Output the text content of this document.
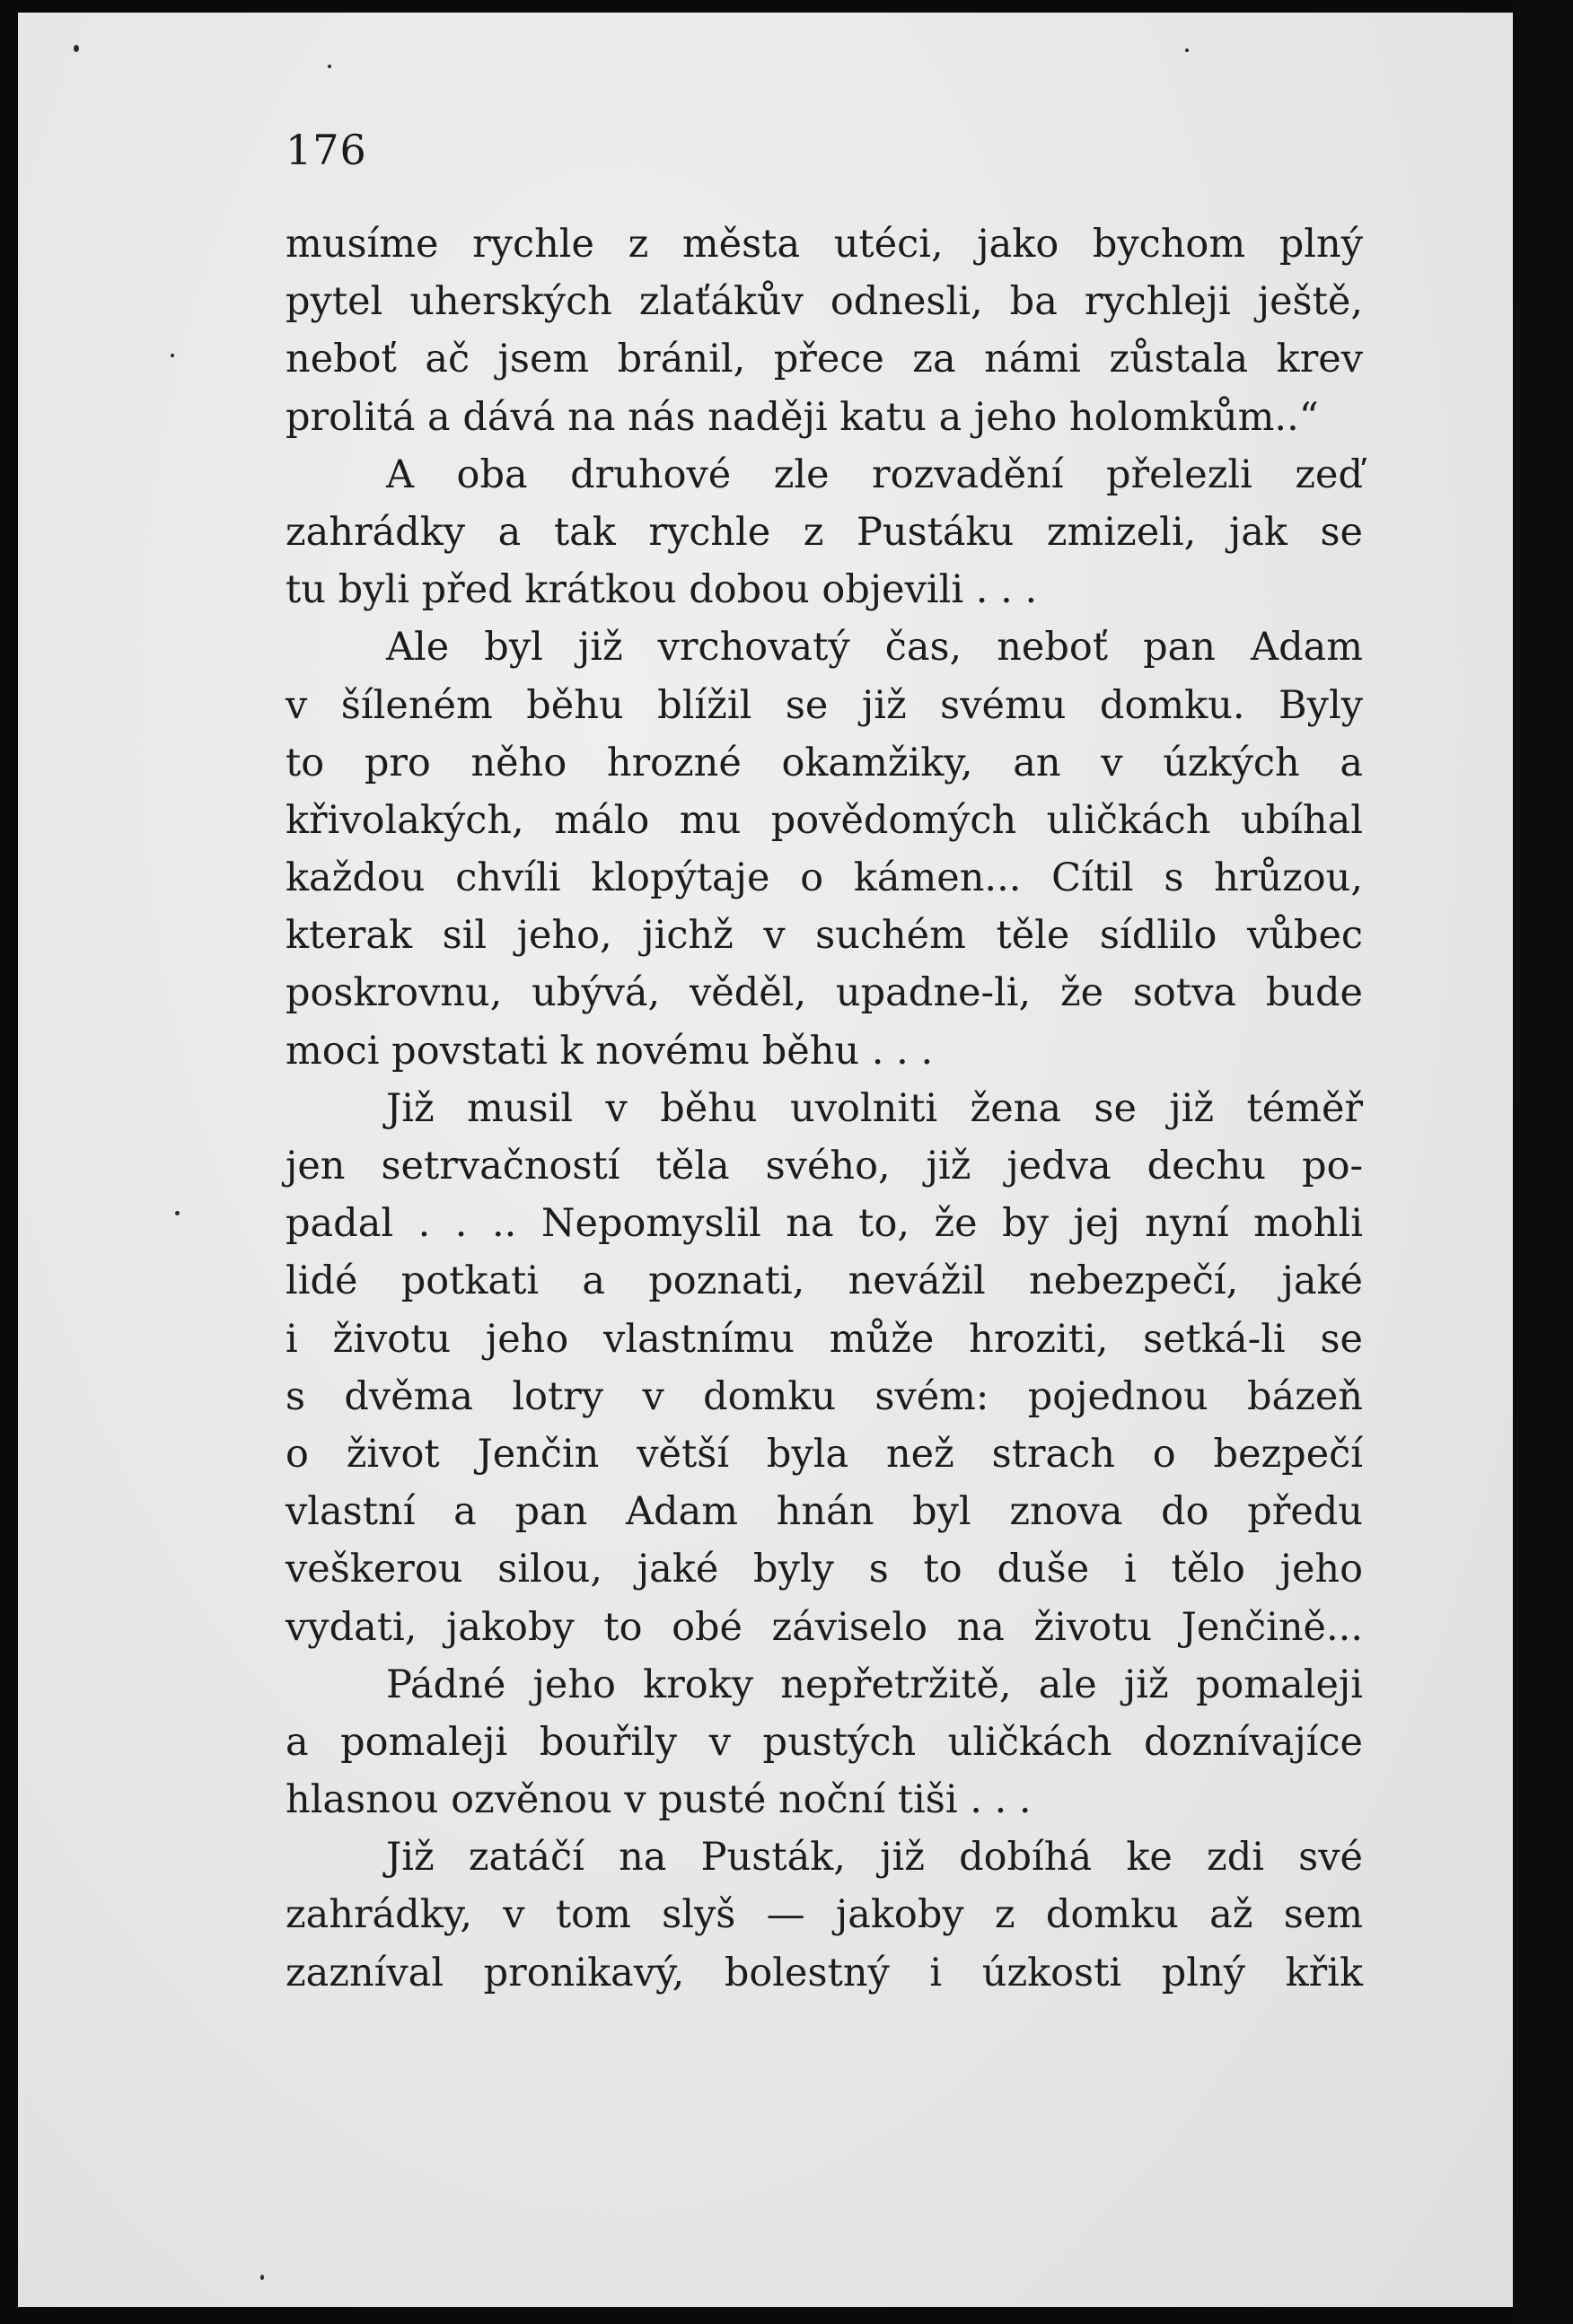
176
musíme rychle z města utéci, jako bychom plný
pytel uherských zlaťákův odnesli, ba rychleji ještě,
neboť ač jsem bránil, přece za námi zůstala krev
prolitá a dává na nás naději katu a jeho holomkům..“
A oba druhové zle rozvadění přelezli zeď
zahrádky a tak rychle z Pustáku zmizeli, jak se
tu byli před krátkou dobou objevili . . .
Ale byl již vrchovatý čas, neboť pan Adam
v šíleném běhu blížil se již svému domku. Byly
to pro něho hrozné okamžiky, an v úzkých a
křivolakých, málo mu povědomých uličkách ubíhal
každou chvíli klopýtaje o kámen... Cítil s hrůzou,
kterak sil jeho, jichž v suchém těle sídlilo vůbec
poskrovnu, ubývá, věděl, upadne-li, že sotva bude
moci povstati k novému běhu . . .
Již musil v běhu uvolniti žena se již téměř
jen setrvačností těla svého, již jedva dechu po-
padal . . .. Nepomyslil na to, že by jej nyní mohli
lidé potkati a poznati, nevážil nebezpečí, jaké
i životu jeho vlastnímu může hroziti, setká-li se
s dvěma lotry v domku svém: pojednou bázeň
o život Jenčin větší byla než strach o bezpečí
vlastní a pan Adam hnán byl znova do předu
veškerou silou, jaké byly s to duše i tělo jeho
vydati, jakoby to obé záviselo na životu Jenčině...
Pádné jeho kroky nepřetržitě, ale již pomaleji
a pomaleji bouřily v pustých uličkách doznívajíce
hlasnou ozvěnou v pusté noční tiši . . .
Již zatáčí na Pusták, již dobíhá ke zdi své
zahrádky, v tom slyš — jakoby z domku až sem
zazníval pronikavý, bolestný i úzkosti plný křik
